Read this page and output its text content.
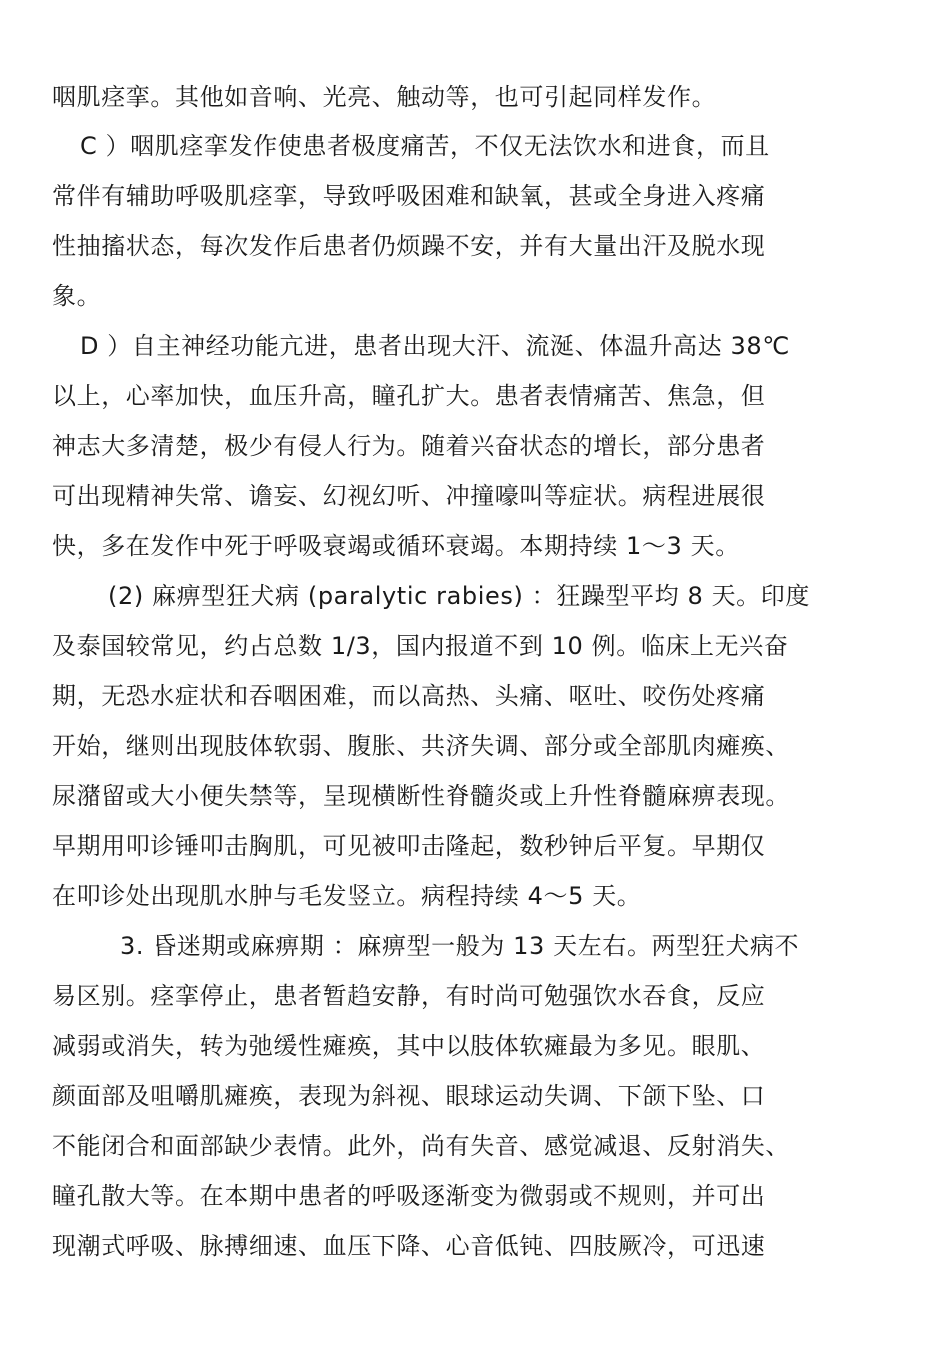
咽肌痉挛。其他如音响、光亮、触动等，也可引起同样发作。
C ）咽肌痉挛发作使患者极度痛苦，不仅无法饮水和进食，而且
常伴有辅助呼吸肌痉挛，导致呼吸困难和缺氧，甚或全身进入疼痛
性抽搐状态，每次发作后患者仍烦躁不安，并有大量出汗及脱水现
象。
D ）自主神经功能亢进，患者出现大汗、流涎、体温升高达 38℃
以上，心率加快，血压升高，瞳孔扩大。患者表情痛苦、焦急，但
神志大多清楚，极少有侵人行为。随着兴奋状态的增长，部分患者
可出现精神失常、谵妄、幻视幻听、冲撞嚎叫等症状。病程进展很
快，多在发作中死于呼吸衰竭或循环衰竭。本期持续 1～3 天。
(2) 麻痹型狂犬病 (paralytic rabies) ：狂躁型平均 8 天。印度
及泰国较常见，约占总数 1/3，国内报道不到 10 例。临床上无兴奋
期，无恐水症状和吞咽困难，而以高热、头痛、呕吐、咬伤处疼痛
开始，继则出现肢体软弱、腹胀、共济失调、部分或全部肌肉瘫痪、
尿潴留或大小便失禁等，呈现横断性脊髓炎或上升性脊髓麻痹表现。
早期用叩诊锤叩击胸肌，可见被叩击隆起，数秒钟后平复。早期仅
在叩诊处出现肌水肿与毛发竖立。病程持续 4～5 天。
3. 昏迷期或麻痹期 ：麻痹型一般为 13 天左右。两型狂犬病不
易区别。痉挛停止，患者暂趋安静，有时尚可勉强饮水吞食，反应
减弱或消失，转为弛缓性瘫痪，其中以肢体软瘫最为多见。眼肌、
颜面部及咀嚼肌瘫痪，表现为斜视、眼球运动失调、下颌下坠、口
不能闭合和面部缺少表情。此外，尚有失音、感觉减退、反射消失、
瞳孔散大等。在本期中患者的呼吸逐渐变为微弱或不规则，并可出
现潮式呼吸、脉搏细速、血压下降、心音低钝、四肢厥冷，可迅速
